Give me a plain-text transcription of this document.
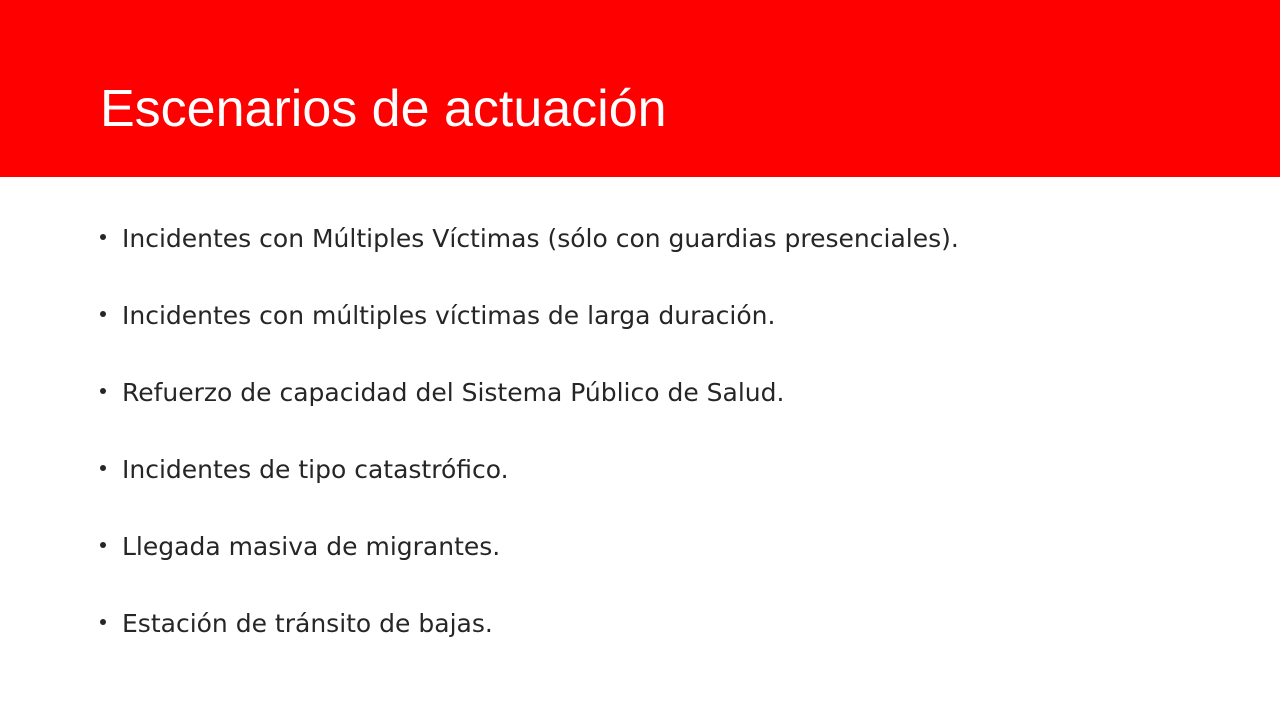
Escenarios de actuación
Incidentes con Múltiples Víctimas (sólo con guardias presenciales).
Incidentes con múltiples víctimas de larga duración.
Refuerzo de capacidad del Sistema Público de Salud.
Incidentes de tipo catastrófico.
Llegada masiva de migrantes.
Estación de tránsito de bajas.
